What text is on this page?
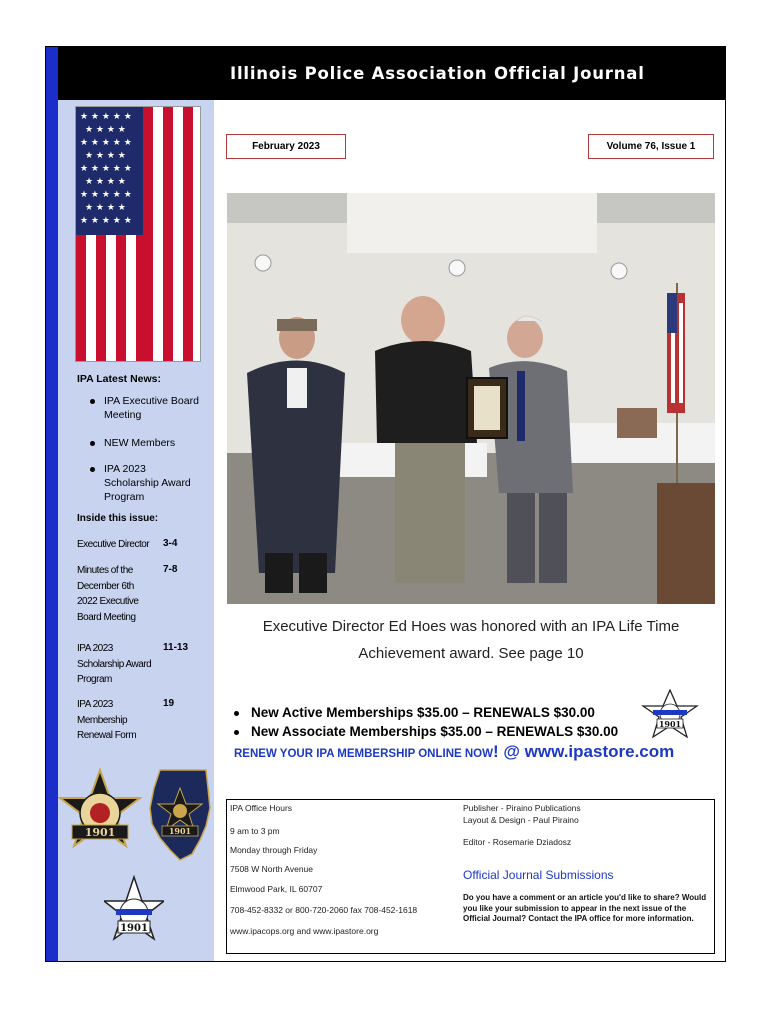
Illinois Police Association Official Journal
★ ★ ★ ★ ★
★ ★ ★ ★
★ ★ ★ ★ ★
★ ★ ★ ★
★ ★ ★ ★ ★
★ ★ ★ ★
★ ★ ★ ★ ★
★ ★ ★ ★
★ ★ ★ ★ ★
IPA Latest News:
IPA Executive Board Meeting
NEW Members
IPA 2023 Scholarship Award Program
Inside this issue:
Executive Director	3-4
Minutes of the December 6th 2022 Executive Board Meeting
7-8
IPA 2023 Scholarship Award Program
11-13
IPA 2023 Membership Renewal Form
19
1901	1901
1901
February 2023	Volume 76, Issue 1
Executive Director Ed Hoes was honored with an IPA Life Time
Achievement award. See page 10
New Active Memberships $35.00 – RENEWALS $30.00
New Associate Memberships $35.00 – RENEWALS $30.00	1901
RENEW YOUR IPA MEMBERSHIP ONLINE NOW! @ www.ipastore.com
IPA Office Hours
9 am to 3 pm
Monday through Friday
7508 W North Avenue
Elmwood Park, IL 60707
708-452-8332 or 800-720-2060 fax 708-452-1618
www.ipacops.org and www.ipastore.org
Publisher - Piraino Publications
Layout & Design - Paul Piraino
Editor - Rosemarie Dziadosz
Official Journal Submissions
Do you have a comment or an article you'd like to share? Would you like your submission to appear in the next issue of the Official Journal? Contact the IPA office for more information.
